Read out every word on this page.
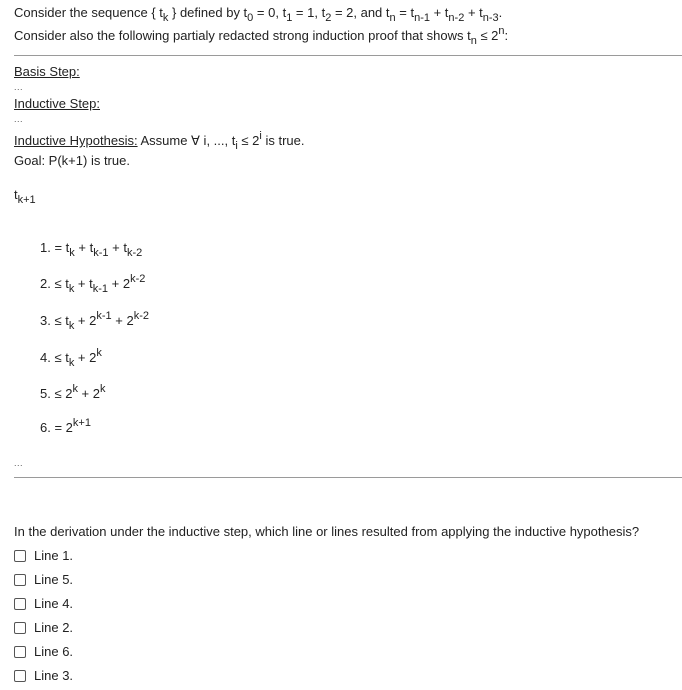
Consider the sequence { $t_k$ } defined by $t_0 = 0$, $t_1 = 1$, $t_2 = 2$, and $t_n = t_{n-1} + t_{n-2} + t_{n-3}$.
Consider also the following partialy redacted strong induction proof that shows $t_n \le 2^n$:
Basis Step:
...
Inductive Step:
...
Inductive Hypothesis: Assume ∀ i, ..., $t_i \le 2^i$ is true.
Goal: P(k+1) is true.
$t_{k+1}$
1. = $t_k + t_{k-1} + t_{k-2}$
2. ≤ $t_k + t_{k-1} + 2^{k-2}$
3. ≤ $t_k + 2^{k-1} + 2^{k-2}$
4. ≤ $t_k + 2^k$
5. ≤ $2^k + 2^k$
6. = $2^{k+1}$
...
In the derivation under the inductive step, which line or lines resulted from applying the inductive hypothesis?
Line 1.
Line 5.
Line 4.
Line 2.
Line 6.
Line 3.
